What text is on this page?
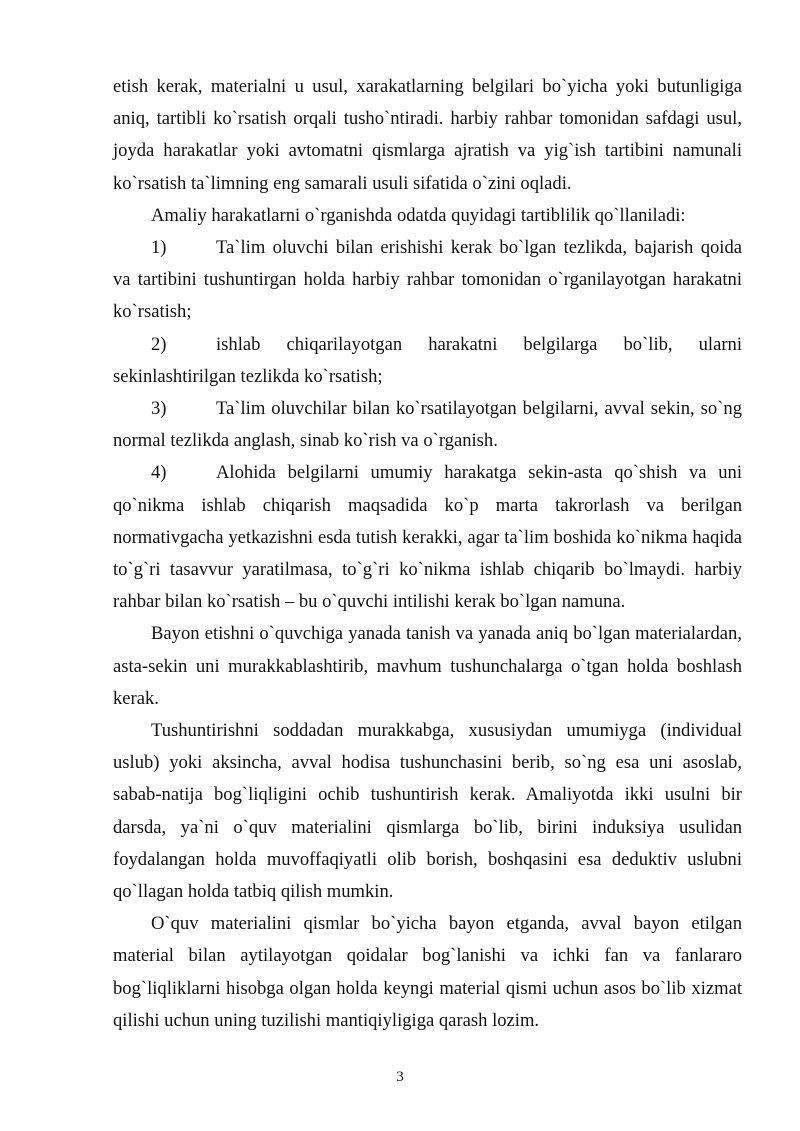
etish kerak, materialni u usul, xarakatlarning belgilari bo`yicha yoki butunligiga aniq, tartibli ko`rsatish orqali tusho`ntiradi. harbiy rahbar tomonidan safdagi usul, joyda harakatlar yoki avtomatni qismlarga ajratish va yig`ish tartibini namunali ko`rsatish ta`limning eng samarali usuli sifatida o`zini oqladi.

Amaliy harakatlarni o`rganishda odatda quyidagi tartiblilik qo`llaniladi:

1)	Ta`lim oluvchi bilan erishishi kerak bo`lgan tezlikda, bajarish qoida va tartibini tushuntirgan holda harbiy rahbar tomonidan o`rganilayotgan harakatni ko`rsatish;

2)	ishlab chiqarilayotgan harakatni belgilarga bo`lib, ularni sekinlashtirilgan tezlikda ko`rsatish;

3)	Ta`lim oluvchilar bilan ko`rsatilayotgan belgilarni, avval sekin, so`ng normal tezlikda anglash, sinab ko`rish va o`rganish.

4)	Alohida belgilarni umumiy harakatga sekin-asta qo`shish va uni qo`nikma ishlab chiqarish maqsadida ko`p marta takrorlash va berilgan normativgacha yetkazishni esda tutish kerakki, agar ta`lim boshida ko`nikma haqida to`g`ri tasavvur yaratilmasa, to`g`ri ko`nikma ishlab chiqarib bo`lmaydi. harbiy rahbar bilan ko`rsatish – bu o`quvchi intilishi kerak bo`lgan namuna.

Bayon etishni o`quvchiga yanada tanish va yanada aniq bo`lgan materialardan, asta-sekin uni murakkablashtirib, mavhum tushunchalarga o`tgan holda boshlash kerak.

Tushuntirishni soddadan murakkabga, xususiydan umumiyga (individual uslub) yoki aksincha, avval hodisa tushunchasini berib, so`ng esa uni asoslab, sabab-natija bog`liqligini ochib tushuntirish kerak. Amaliyotda ikki usulni bir darsda, ya`ni o`quv materialini qismlarga bo`lib, birini induksiya usulidan foydalangan holda muvoffaqiyatli olib borish, boshqasini esa deduktiv uslubni qo`llagan holda tatbiq qilish mumkin.

O`quv materialini qismlar bo`yicha bayon etganda, avval bayon etilgan material bilan aytilayotgan qoidalar bog`lanishi va ichki fan va fanlararo bog`liqliklarni hisobga olgan holda keyngi material qismi uchun asos bo`lib xizmat qilishi uchun uning tuzilishi mantiqiyligiga qarash lozim.

3
